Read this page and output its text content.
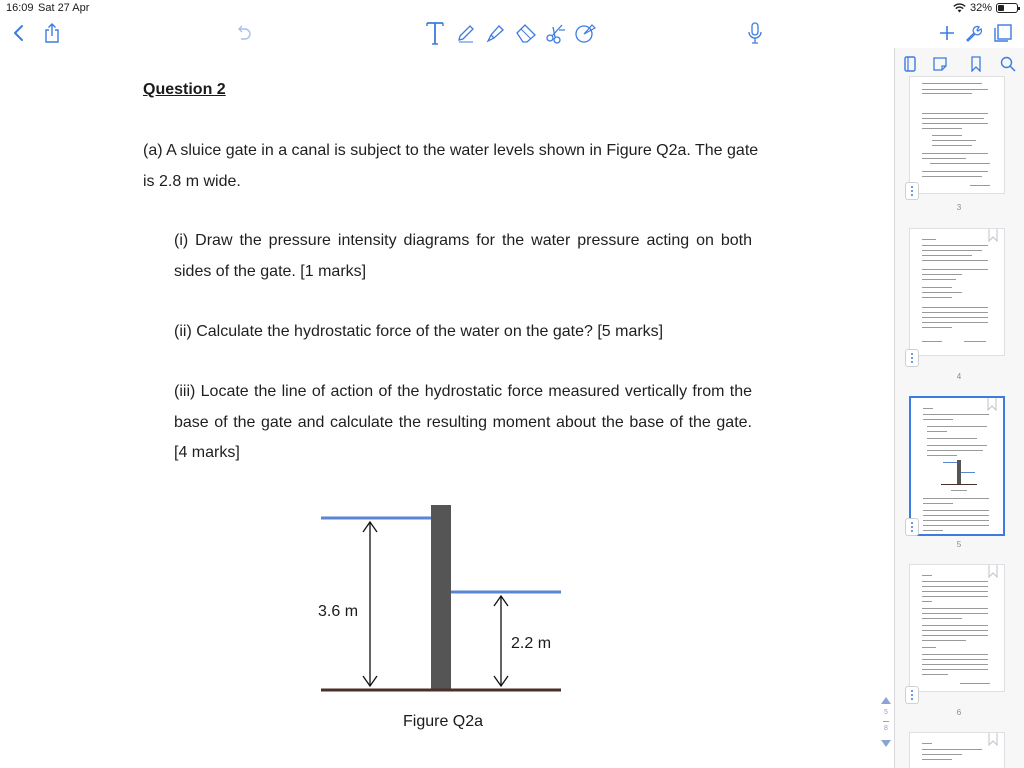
16:09 Sat 27 Apr	32%
Question 2
(a) A sluice gate in a canal is subject to the water levels shown in Figure Q2a. The gate is 2.8 m wide.
(i) Draw the pressure intensity diagrams for the water pressure acting on both sides of the gate. [1 marks]
(ii) Calculate the hydrostatic force of the water on the gate? [5 marks]
(iii) Locate the line of action of the hydrostatic force measured vertically from the base of the gate and calculate the resulting moment about the base of the gate. [4 marks]
3.6 m
2.2 m
Figure Q2a
3
4
5
6
5
8
